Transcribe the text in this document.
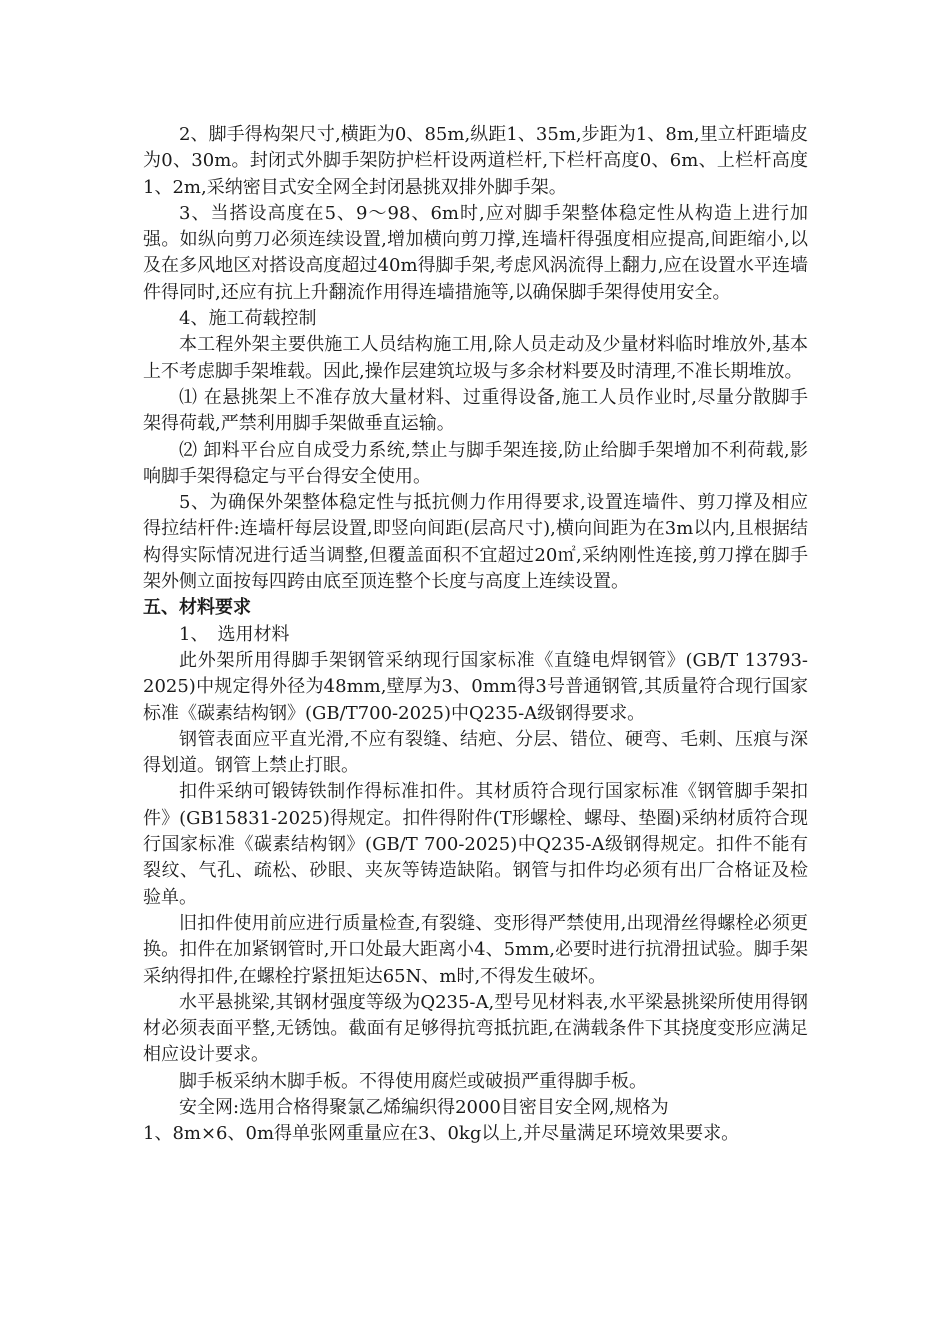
2、脚手得构架尺寸,横距为0、85m,纵距1、35m,步距为1、8m,里立杆距墙皮为0、30m。封闭式外脚手架防护栏杆设两道栏杆,下栏杆高度0、6m、上栏杆高度1、2m,采纳密目式安全网全封闭悬挑双排外脚手架。

3、当搭设高度在5、9～98、6m时,应对脚手架整体稳定性从构造上进行加强。如纵向剪刀必须连续设置,增加横向剪刀撑,连墙杆得强度相应提高,间距缩小,以及在多风地区对搭设高度超过40m得脚手架,考虑风涡流得上翻力,应在设置水平连墙件得同时,还应有抗上升翻流作用得连墙措施等,以确保脚手架得使用安全。

4、施工荷载控制

本工程外架主要供施工人员结构施工用,除人员走动及少量材料临时堆放外,基本上不考虑脚手架堆载。因此,操作层建筑垃圾与多余材料要及时清理,不准长期堆放。

⑴ 在悬挑架上不准存放大量材料、过重得设备,施工人员作业时,尽量分散脚手架得荷载,严禁利用脚手架做垂直运输。

⑵ 卸料平台应自成受力系统,禁止与脚手架连接,防止给脚手架增加不利荷载,影响脚手架得稳定与平台得安全使用。

5、为确保外架整体稳定性与抵抗侧力作用得要求,设置连墙件、剪刀撑及相应得拉结杆件:连墙杆每层设置,即竖向间距(层高尺寸),横向间距为在3m以内,且根据结构得实际情况进行适当调整,但覆盖面积不宜超过20㎡,采纳刚性连接,剪刀撑在脚手架外侧立面按每四跨由底至顶连整个长度与高度上连续设置。

五、材料要求

1、　选用材料

此外架所用得脚手架钢管采纳现行国家标准《直缝电焊钢管》(GB/T 13793-2025)中规定得外径为48mm,壁厚为3、0mm得3号普通钢管,其质量符合现行国家标准《碳素结构钢》(GB/T700-2025)中Q235-A级钢得要求。

钢管表面应平直光滑,不应有裂缝、结疤、分层、错位、硬弯、毛刺、压痕与深得划道。钢管上禁止打眼。

扣件采纳可锻铸铁制作得标准扣件。其材质符合现行国家标准《钢管脚手架扣件》(GB15831-2025)得规定。扣件得附件(T形螺栓、螺母、垫圈)采纳材质符合现行国家标准《碳素结构钢》(GB/T 700-2025)中Q235-A级钢得规定。扣件不能有裂纹、气孔、疏松、砂眼、夹灰等铸造缺陷。钢管与扣件均必须有出厂合格证及检验单。

旧扣件使用前应进行质量检查,有裂缝、变形得严禁使用,出现滑丝得螺栓必须更换。扣件在加紧钢管时,开口处最大距离小4、5mm,必要时进行抗滑扭试验。脚手架采纳得扣件,在螺栓拧紧扭矩达65N、m时,不得发生破坏。

水平悬挑梁,其钢材强度等级为Q235-A,型号见材料表,水平梁悬挑梁所使用得钢材必须表面平整,无锈蚀。截面有足够得抗弯抵抗距,在满载条件下其挠度变形应满足相应设计要求。

脚手板采纳木脚手板。不得使用腐烂或破损严重得脚手板。

安全网:选用合格得聚氯乙烯编织得2000目密目安全网,规格为

1、8m×6、0m得单张网重量应在3、0kg以上,并尽量满足环境效果要求。
